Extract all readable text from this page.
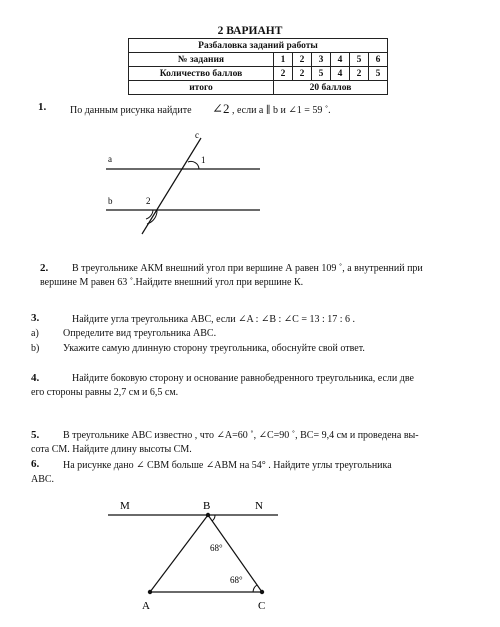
2 ВАРИАНТ
Разбаловка заданий работы						
№ задания	1	2	3	4	5	6
Количество баллов	2	2	5	4	2	5
итого	20 баллов					
1. По данным рисунка найдите ∠2 , если a ∥ b и ∠1 = 59 ˚.
a
b
c
1
2
2. В треугольнике АКМ внешний угол при вершине А равен 109 ˚, а внутренний при
вершине М равен 63 ˚.Найдите внешний угол при вершине К.
3.	Найдите угла треугольника АВС, если ∠A : ∠B : ∠C = 13 : 17 : 6 .
a) Определите вид треугольника АВС.
b) Укажите самую длинную сторону треугольника, обоснуйте свой ответ.
4.	Найдите боковую сторону и основание равнобедренного треугольника, если две
его стороны равны 2,7 см и 6,5 см.
5. В треугольнике АВС известно , что ∠A=60 ˚, ∠C=90 ˚, BC= 9,4 см и проведена вы-
сота СМ. Найдите длину высоты СМ.
6. На рисунке дано ∠ CBM больше ∠ABM на 54° . Найдите углы треугольника
АВС.
M	B	N
A	C
68°
68°
